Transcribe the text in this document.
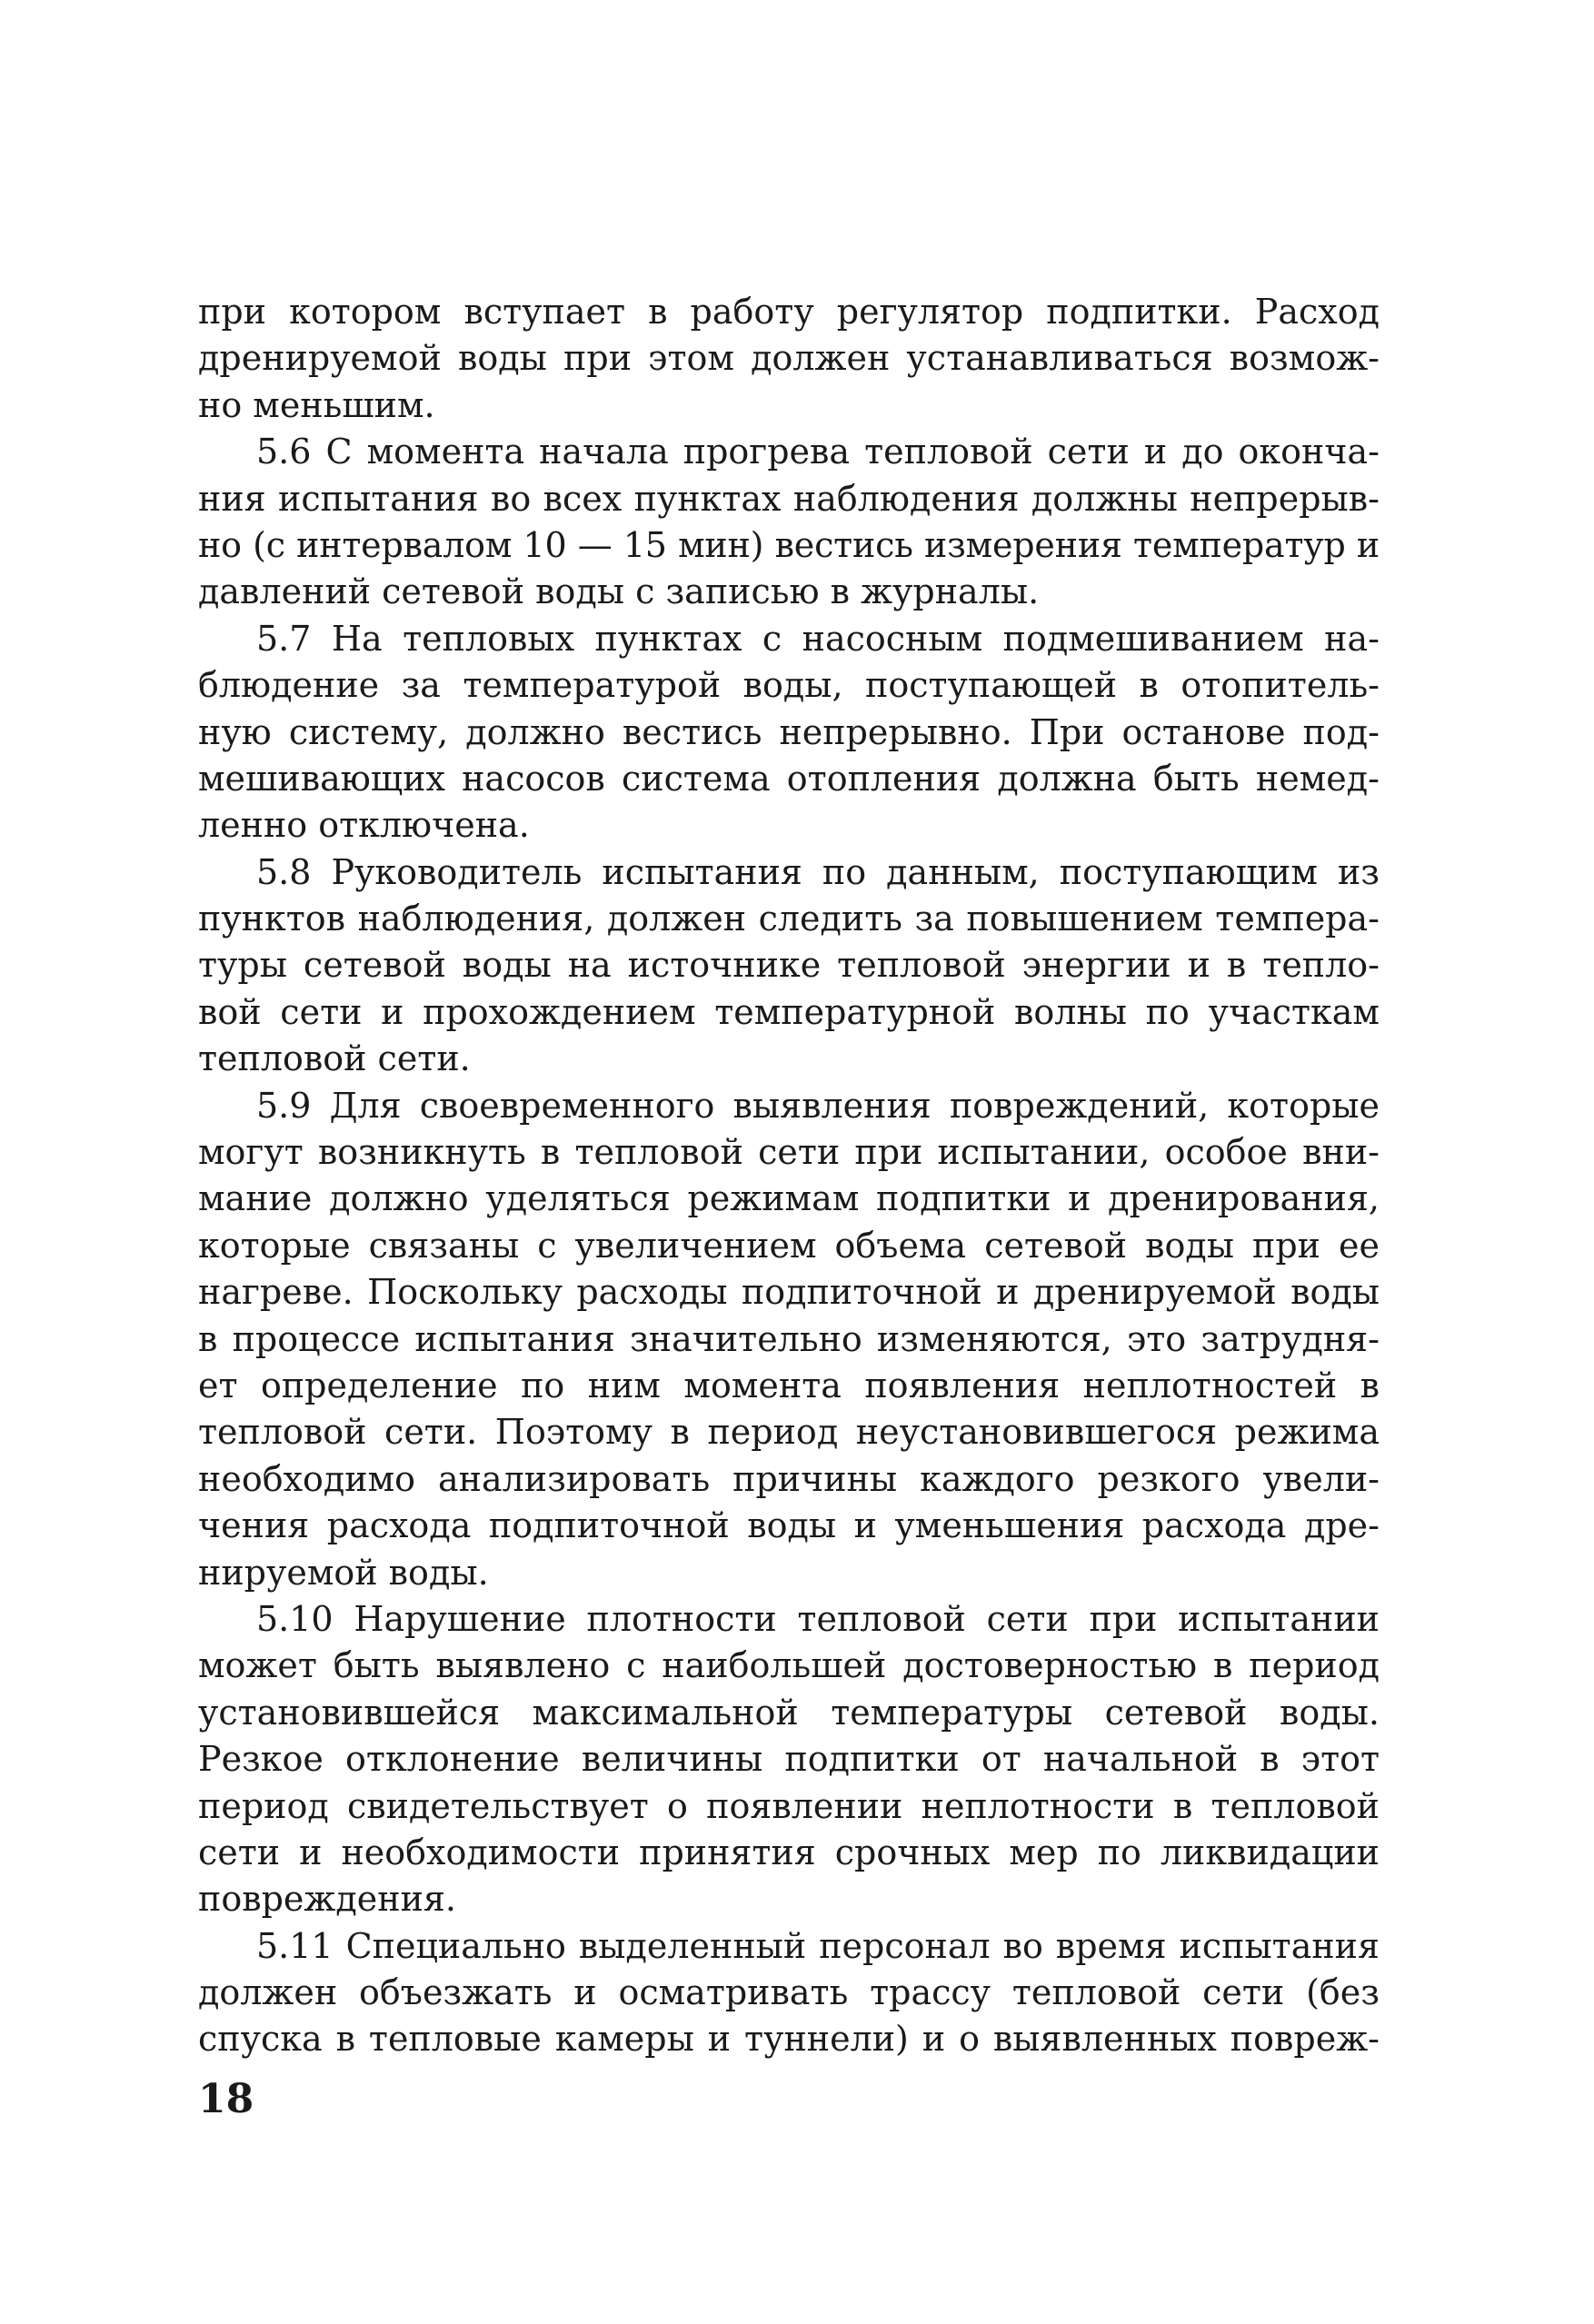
при котором вступает в работу регулятор подпитки. Расход
дренируемой воды при этом должен устанавливаться возмож-
но меньшим.
5.6 С момента начала прогрева тепловой сети и до оконча-
ния испытания во всех пунктах наблюдения должны непрерыв-
но (с интервалом 10 — 15 мин) вестись измерения температур и
давлений сетевой воды с записью в журналы.
5.7 На тепловых пунктах с насосным подмешиванием на-
блюдение за температурой воды, поступающей в отопитель-
ную систему, должно вестись непрерывно. При останове под-
мешивающих насосов система отопления должна быть немед-
ленно отключена.
5.8 Руководитель испытания по данным, поступающим из
пунктов наблюдения, должен следить за повышением темпера-
туры сетевой воды на источнике тепловой энергии и в тепло-
вой сети и прохождением температурной волны по участкам
тепловой сети.
5.9 Для своевременного выявления повреждений, которые
могут возникнуть в тепловой сети при испытании, особое вни-
мание должно уделяться режимам подпитки и дренирования,
которые связаны с увеличением объема сетевой воды при ее
нагреве. Поскольку расходы подпиточной и дренируемой воды
в процессе испытания значительно изменяются, это затрудня-
ет определение по ним момента появления неплотностей в
тепловой сети. Поэтому в период неустановившегося режима
необходимо анализировать причины каждого резкого увели-
чения расхода подпиточной воды и уменьшения расхода дре-
нируемой воды.
5.10 Нарушение плотности тепловой сети при испытании
может быть выявлено с наибольшей достоверностью в период
установившейся максимальной температуры сетевой воды.
Резкое отклонение величины подпитки от начальной в этот
период свидетельствует о появлении неплотности в тепловой
сети и необходимости принятия срочных мер по ликвидации
повреждения.
5.11 Специально выделенный персонал во время испытания
должен объезжать и осматривать трассу тепловой сети (без
спуска в тепловые камеры и туннели) и о выявленных повреж-
18
